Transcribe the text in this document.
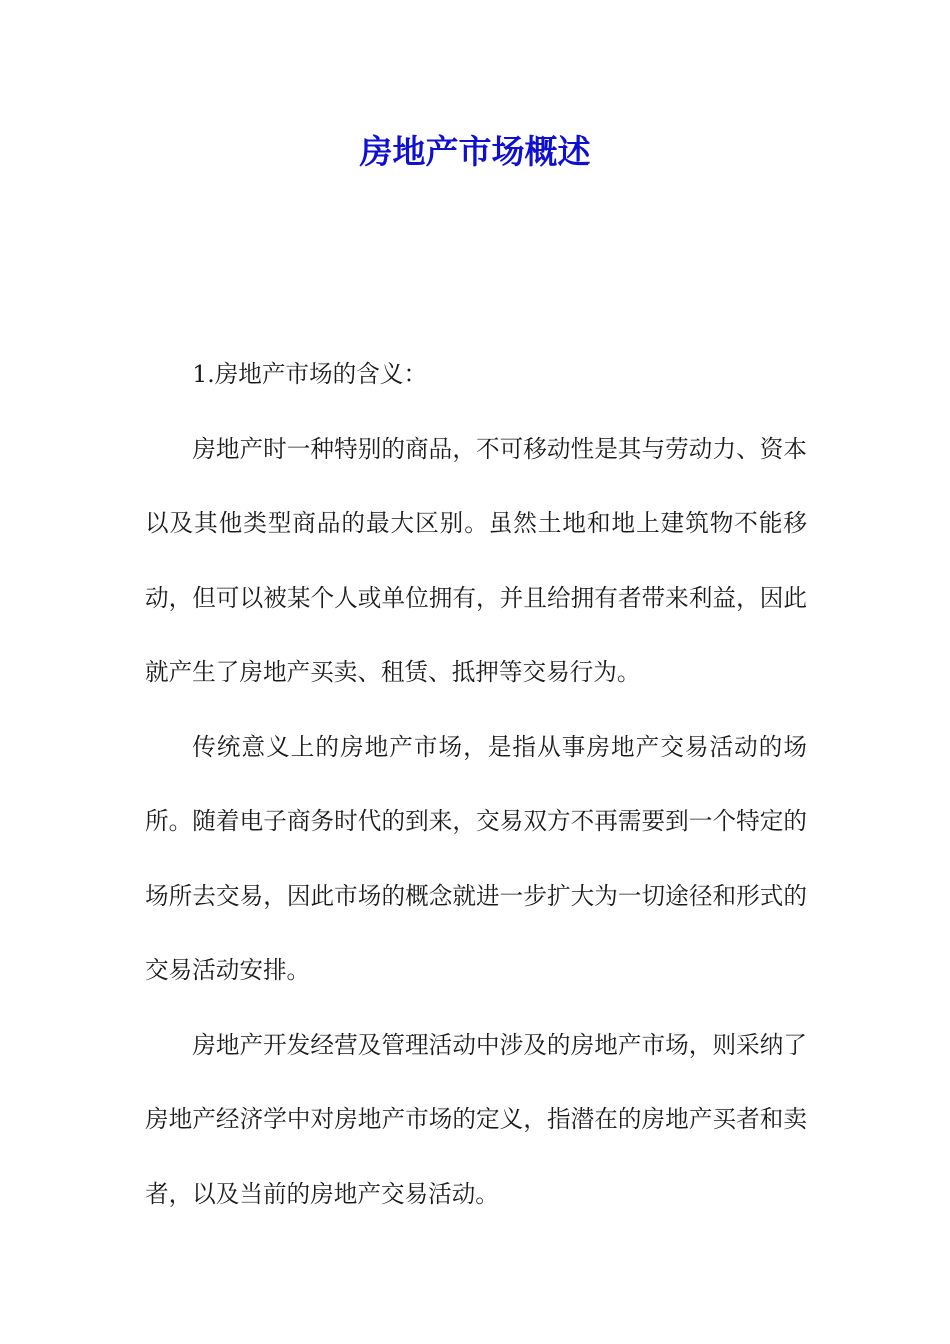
房地产市场概述

1.房地产市场的含义：

房地产时一种特别的商品，不可移动性是其与劳动力、资本以及其他类型商品的最大区别。虽然土地和地上建筑物不能移动，但可以被某个人或单位拥有，并且给拥有者带来利益，因此就产生了房地产买卖、租赁、抵押等交易行为。

传统意义上的房地产市场，是指从事房地产交易活动的场所。随着电子商务时代的到来，交易双方不再需要到一个特定的场所去交易，因此市场的概念就进一步扩大为一切途径和形式的交易活动安排。

房地产开发经营及管理活动中涉及的房地产市场，则采纳了房地产经济学中对房地产市场的定义，指潜在的房地产买者和卖者，以及当前的房地产交易活动。
